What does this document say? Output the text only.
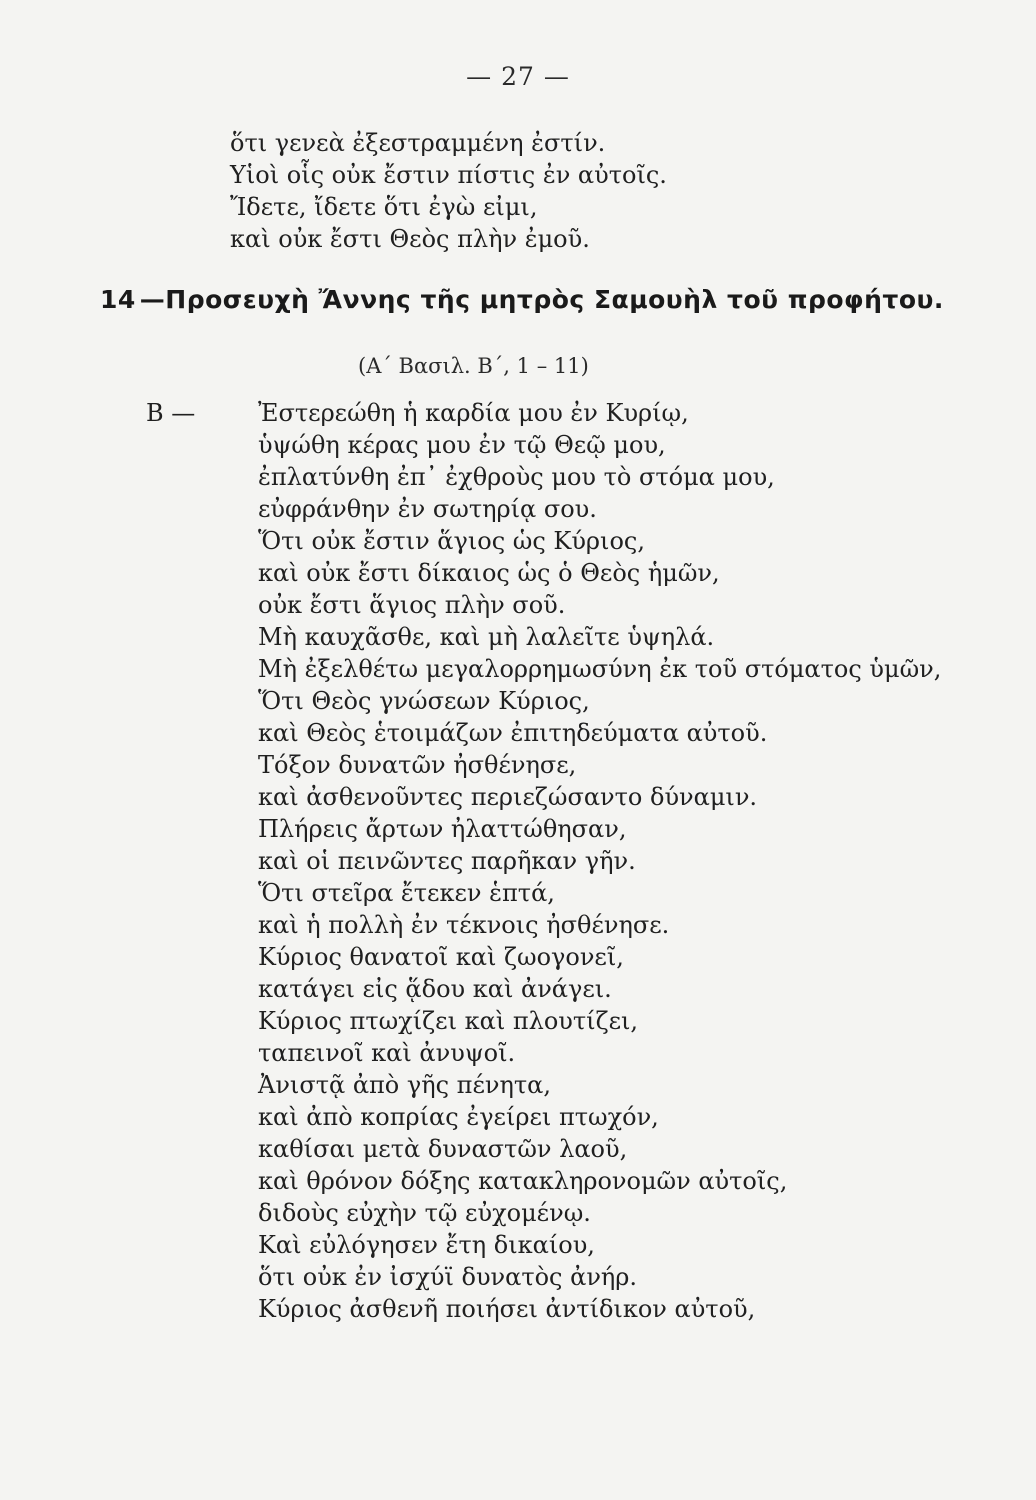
— 27 —
ὅτι γενεὰ ἐξεστραμμένη ἐστίν.
Υἱοὶ οἷς οὐκ ἔστιν πίστις ἐν αὐτοῖς.
Ἴδετε, ἴδετε ὅτι ἐγὼ εἰμι,
καὶ οὐκ ἔστι Θεὸς πλὴν ἐμοῦ.
14 —Προσευχὴ Ἄννης τῆς μητρὸς Σαμουὴλ τοῦ προφήτου.
(Α΄ Βασιλ. Β΄, 1 – 11)
Β —	Ἐστερεώθη ἡ καρδία μου ἐν Κυρίῳ,
ὑψώθη κέρας μου ἐν τῷ Θεῷ μου,
ἐπλατύνθη ἐπ᾿ ἐχθροὺς μου τὸ στόμα μου,
εὐφράνθην ἐν σωτηρίᾳ σου.
Ὅτι οὐκ ἔστιν ἅγιος ὡς Κύριος,
καὶ οὐκ ἔστι δίκαιος ὡς ὁ Θεὸς ἡμῶν,
οὐκ ἔστι ἅγιος πλὴν σοῦ.
Μὴ καυχᾶσθε, καὶ μὴ λαλεῖτε ὑψηλά.
Μὴ ἐξελθέτω μεγαλορρημωσύνη ἐκ τοῦ στόματος ὑμῶν,
Ὅτι Θεὸς γνώσεων Κύριος,
καὶ Θεὸς ἑτοιμάζων ἐπιτηδεύματα αὐτοῦ.
Τόξον δυνατῶν ἠσθένησε,
καὶ ἀσθενοῦντες περιεζώσαντο δύναμιν.
Πλήρεις ἄρτων ἠλαττώθησαν,
καὶ οἱ πεινῶντες παρῆκαν γῆν.
Ὅτι στεῖρα ἔτεκεν ἑπτά,
καὶ ἡ πολλὴ ἐν τέκνοις ἠσθένησε.
Κύριος θανατοῖ καὶ ζωογονεῖ,
κατάγει εἰς ᾅδου καὶ ἀνάγει.
Κύριος πτωχίζει καὶ πλουτίζει,
ταπεινοῖ καὶ ἀνυψοῖ.
Ἀνιστᾷ ἀπὸ γῆς πένητα,
καὶ ἀπὸ κοπρίας ἐγείρει πτωχόν,
καθίσαι μετὰ δυναστῶν λαοῦ,
καὶ θρόνον δόξης κατακληρονομῶν αὐτοῖς,
διδοὺς εὐχὴν τῷ εὐχομένῳ.
Καὶ εὐλόγησεν ἔτη δικαίου,
ὅτι οὐκ ἐν ἰσχύϊ δυνατὸς ἀνήρ.
Κύριος ἀσθενῆ ποιήσει ἀντίδικον αὐτοῦ,
